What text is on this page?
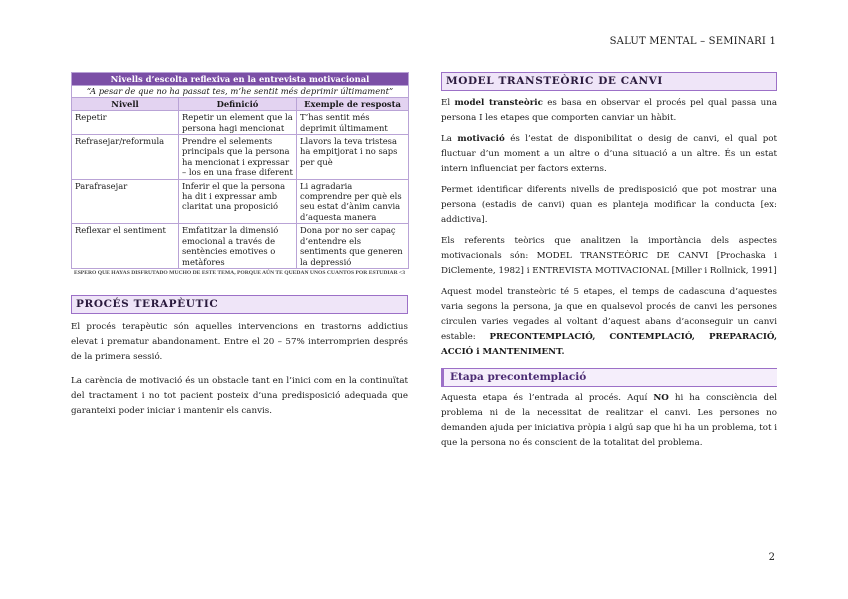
SALUT MENTAL – SEMINARI 1
Nivells d’escolta reflexiva en la entrevista motivacional		
“A pesar de que no ha passat tes, m’he sentit més deprimir últimament”		
Nivell	Definició	Exemple de resposta
Repetir	Repetir un element que la persona hagi mencionat	T’has sentit més deprimit últimament
Refrasejar/reformula	Prendre el selements principals que la persona ha mencionat i expressar – los en una frase diferent	Llavors la teva tristesa ha empitjorat i no saps per què
Parafrasejar	Inferir el que la persona ha dit i expressar amb claritat una proposició	Li agradaria comprendre per què els seu estat d’ànim canvia d’aquesta manera
Reflexar el sentiment	Emfatitzar la dimensió emocional a través de sentències emotives o metàfores	Dona por no ser capaç d’entendre els sentiments que generen la depressió
ESPERO QUE HAYAS DISFRUTADO MUCHO DE ESTE TEMA, PORQUE AÚN TE QUEDAN UNOS CUANTOS POR ESTUDIAR <3
PROCÉS TERAPÈUTIC

El procés terapèutic són aquelles intervencions en trastorns addictius elevat i prematur abandonament. Entre el 20 – 57% interromprien després de la primera sessió.

La carència de motivació és un obstacle tant en l’inici com en la continuïtat del tractament i no tot pacient posteix d’una predisposició adequada que garanteixi poder iniciar i mantenir els canvis.

MODEL TRANSTEÒRIC DE CANVI

El model transteòric es basa en observar el procés pel qual passa una persona I les etapes que comporten canviar un hàbit.

La motivació és l’estat de disponibilitat o desig de canvi, el qual pot fluctuar d’un moment a un altre o d’una situació a un altre. És un estat intern influenciat per factors externs.

Permet identificar diferents nivells de predisposició que pot mostrar una persona (estadis de canvi) quan es planteja modificar la conducta [ex: addictiva].

Els referents teòrics que analitzen la importància dels aspectes motivacionals són: MODEL TRANSTEÒRIC DE CANVI [Prochaska i DiClemente, 1982] i ENTREVISTA MOTIVACIONAL [Miller i Rollnick, 1991]

Aquest model transteòric té 5 etapes, el temps de cadascuna d’aquestes varia segons la persona, ja que en qualsevol procés de canvi les persones circulen varies vegades al voltant d’aquest abans d’aconseguir un canvi estable: PRECONTEMPLACIÓ, CONTEMPLACIÓ, PREPARACIÓ, ACCIÓ i MANTENIMENT.

Etapa precontemplació

Aquesta etapa és l’entrada al procés. Aquí NO hi ha consciència del problema ni de la necessitat de realitzar el canvi. Les persones no demanden ajuda per iniciativa pròpia i algú sap que hi ha un problema, tot i que la persona no és conscient de la totalitat del problema.

2
